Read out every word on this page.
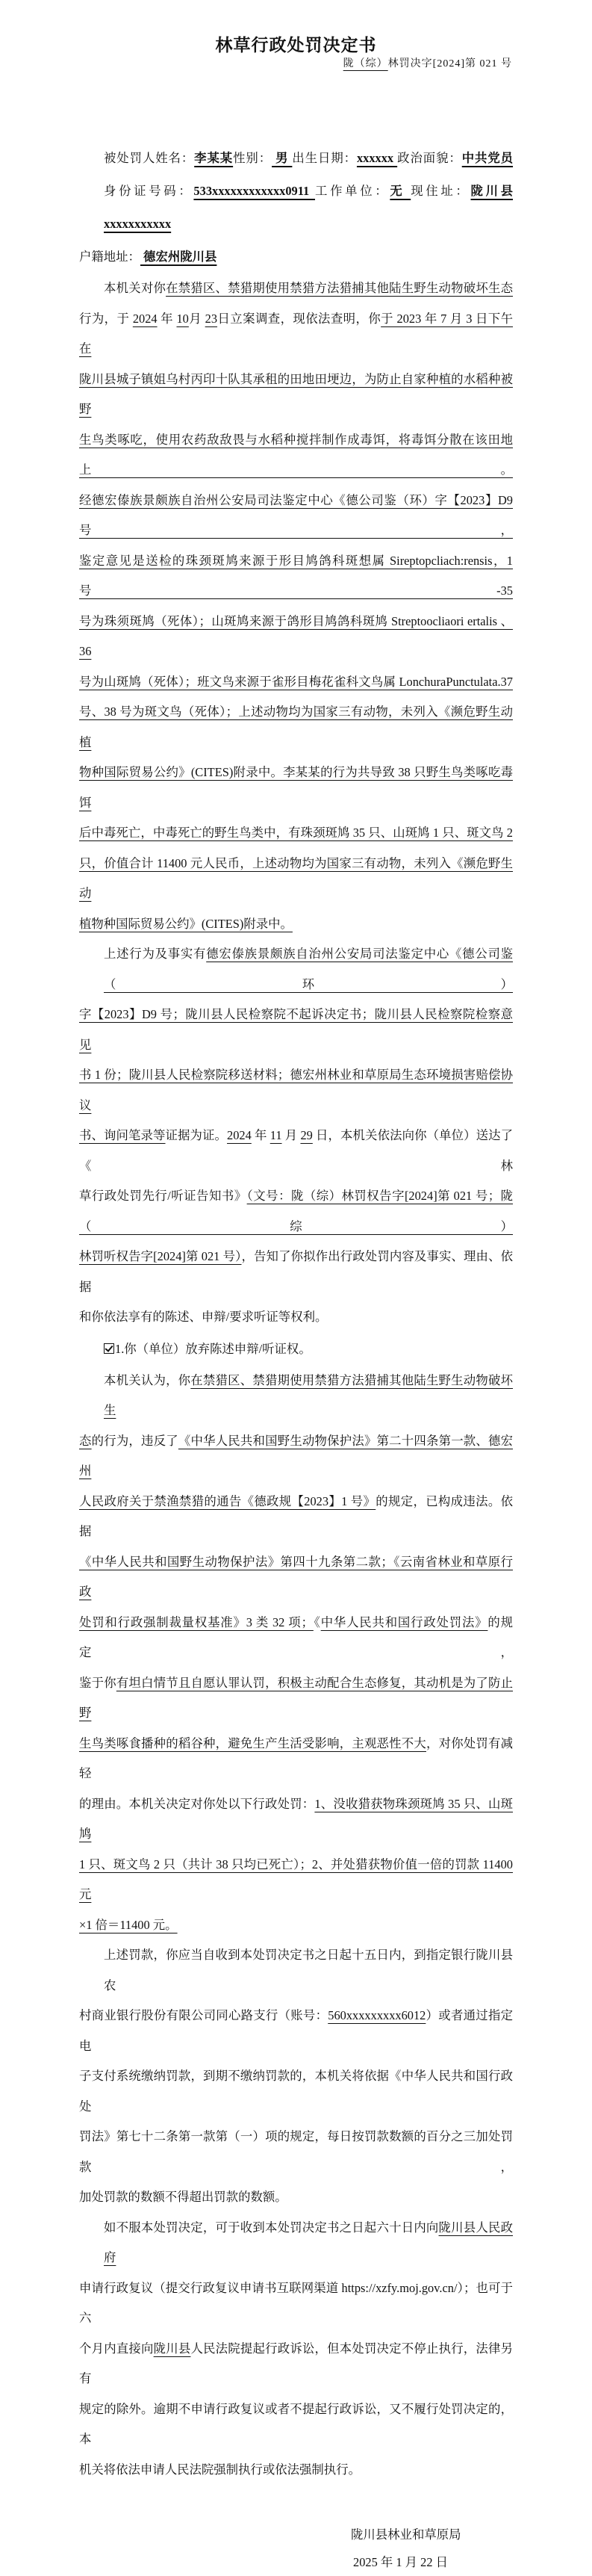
林草行政处罚决定书
陇（综）林罚决字[2024]第 021 号
被处罚人姓名：李某某性别： 男 出生日期：xxxxxx 政治面貌：中共党员
身份证号码：533xxxxxxxxxxxx0911 工作单位：无 现住址：陇川县 xxxxxxxxxxx
户籍地址： 德宏州陇川县
本机关对你在禁猎区、禁猎期使用禁猎方法猎捕其他陆生野生动物破坏生态
行为，于 2024 年 10月 23日立案调查，现依法查明，你于 2023 年 7 月 3 日下午在
陇川县城子镇姐乌村丙印十队其承租的田地田埂边，为防止自家种植的水稻种被野
生鸟类啄吃，使用农药敌敌畏与水稻种搅拌制作成毒饵，将毒饵分散在该田地上。
经德宏傣族景颇族自治州公安局司法鉴定中心《德公司鉴（环）字【2023】D9号，
鉴定意见是送检的珠颈斑鸠来源于形目鸠鸽科斑想属 Sireptopcliach:rensis，1 号-35
号为珠须斑鸠（死体）；山斑鸠来源于鸽形目鸠鸽科斑鸠 Streptoocliaori ertalis 、36
号为山斑鸠（死体）；班文鸟来源于雀形目梅花雀科文鸟属 LonchuraPunctulata.37
号、38 号为斑文鸟（死体）；上述动物均为国家三有动物，未列入《濒危野生动植
物种国际贸易公约》(CITES)附录中。李某某的行为共导致 38 只野生鸟类啄吃毒饵
后中毒死亡，中毒死亡的野生鸟类中，有珠颈斑鸠 35 只、山斑鸠 1 只、斑文鸟 2
只，价值合计 11400 元人民币，上述动物均为国家三有动物，未列入《濒危野生动
植物种国际贸易公约》(CITES)附录中。
上述行为及事实有德宏傣族景颇族自治州公安局司法鉴定中心《德公司鉴（环）
字【2023】D9 号；陇川县人民检察院不起诉决定书；陇川县人民检察院检察意见
书 1 份；陇川县人民检察院移送材料；德宏州林业和草原局生态环境损害赔偿协议
书、询问笔录等证据为证。2024 年 11 月 29 日，本机关依法向你（单位）送达了《林
草行政处罚先行/听证告知书》（文号：陇（综）林罚权告字[2024]第 021 号；陇（综）
林罚听权告字[2024]第 021 号），告知了你拟作出行政处罚内容及事实、理由、依据
和你依法享有的陈述、申辩/要求听证等权利。
1.你（单位）放弃陈述申辩/听证权。
本机关认为，你在禁猎区、禁猎期使用禁猎方法猎捕其他陆生野生动物破坏生
态的行为，违反了《中华人民共和国野生动物保护法》第二十四条第一款、德宏州
人民政府关于禁渔禁猎的通告《德政规【2023】1 号》的规定，已构成违法。依据
《中华人民共和国野生动物保护法》第四十九条第二款；《云南省林业和草原行政
处罚和行政强制裁量权基准》3 类 32 项；《中华人民共和国行政处罚法》的规定，
鉴于你有坦白情节且自愿认罪认罚，积极主动配合生态修复，其动机是为了防止野
生鸟类啄食播种的稻谷种，避免生产生活受影响，主观恶性不大，对你处罚有减轻
的理由。本机关决定对你处以下行政处罚：1、没收猎获物珠颈斑鸠 35 只、山斑鸠
1 只、斑文鸟 2 只（共计 38 只均已死亡）；2、并处猎获物价值一倍的罚款 11400 元
×1 倍＝11400 元。
上述罚款，你应当自收到本处罚决定书之日起十五日内，到指定银行陇川县农
村商业银行股份有限公司同心路支行（账号：560xxxxxxxxx6012）或者通过指定电
子支付系统缴纳罚款，到期不缴纳罚款的，本机关将依据《中华人民共和国行政处
罚法》第七十二条第一款第（一）项的规定，每日按罚款数额的百分之三加处罚款，
加处罚款的数额不得超出罚款的数额。
如不服本处罚决定，可于收到本处罚决定书之日起六十日内向陇川县人民政府
申请行政复议（提交行政复议申请书互联网渠道 https://xzfy.moj.gov.cn/）；也可于六
个月内直接向陇川县人民法院提起行政诉讼，但本处罚决定不停止执行，法律另有
规定的除外。逾期不申请行政复议或者不提起行政诉讼，又不履行处罚决定的，本
机关将依法申请人民法院强制执行或依法强制执行。
陇川县林业和草原局
2025 年 1 月 22 日
